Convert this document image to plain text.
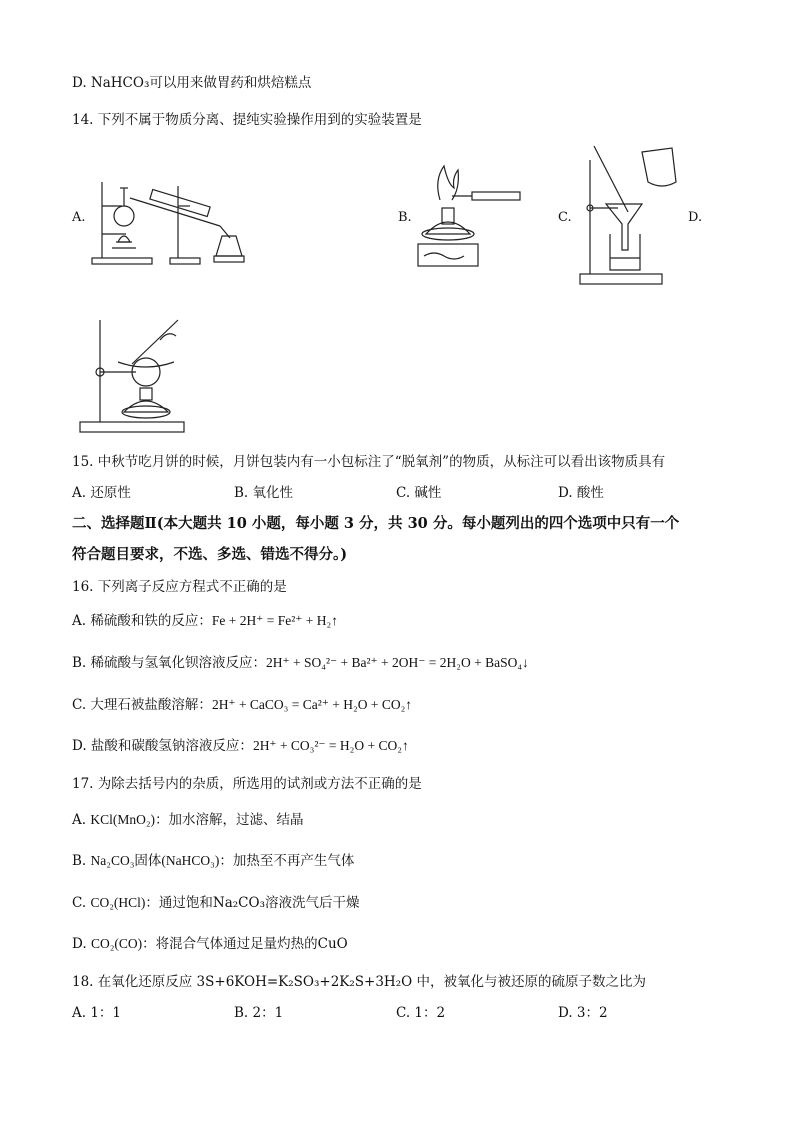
D. NaHCO₃可以用来做胃药和烘焙糕点
14. 下列不属于物质分离、提纯实验操作用到的实验装置是
A.	B.	C.	D.
15. 中秋节吃月饼的时候，月饼包装内有一小包标注了“脱氧剂”的物质，从标注可以看出该物质具有
A. 还原性	B. 氧化性	C. 碱性	D. 酸性
二、选择题Ⅱ(本大题共 10 小题，每小题 3 分，共 30 分。每小题列出的四个选项中只有一个
符合题目要求，不选、多选、错选不得分。)
16. 下列离子反应方程式不正确的是
A. 稀硫酸和铁的反应：Fe + 2H⁺ = Fe²⁺ + H₂↑
B. 稀硫酸与氢氧化钡溶液反应：2H⁺ + SO₄²⁻ + Ba²⁺ + 2OH⁻ = 2H₂O + BaSO₄↓
C. 大理石被盐酸溶解：2H⁺ + CaCO₃ = Ca²⁺ + H₂O + CO₂↑
D. 盐酸和碳酸氢钠溶液反应：2H⁺ + CO₃²⁻ = H₂O + CO₂↑
17. 为除去括号内的杂质，所选用的试剂或方法不正确的是
A. KCl(MnO₂)：加水溶解，过滤、结晶
B. Na₂CO₃固体(NaHCO₃)：加热至不再产生气体
C. CO₂(HCl)：通过饱和Na₂CO₃溶液洗气后干燥
D. CO₂(CO)：将混合气体通过足量灼热的CuO
18. 在氧化还原反应 3S+6KOH=K₂SO₃+2K₂S+3H₂O 中，被氧化与被还原的硫原子数之比为
A. 1：1	B. 2：1	C. 1：2	D. 3：2
